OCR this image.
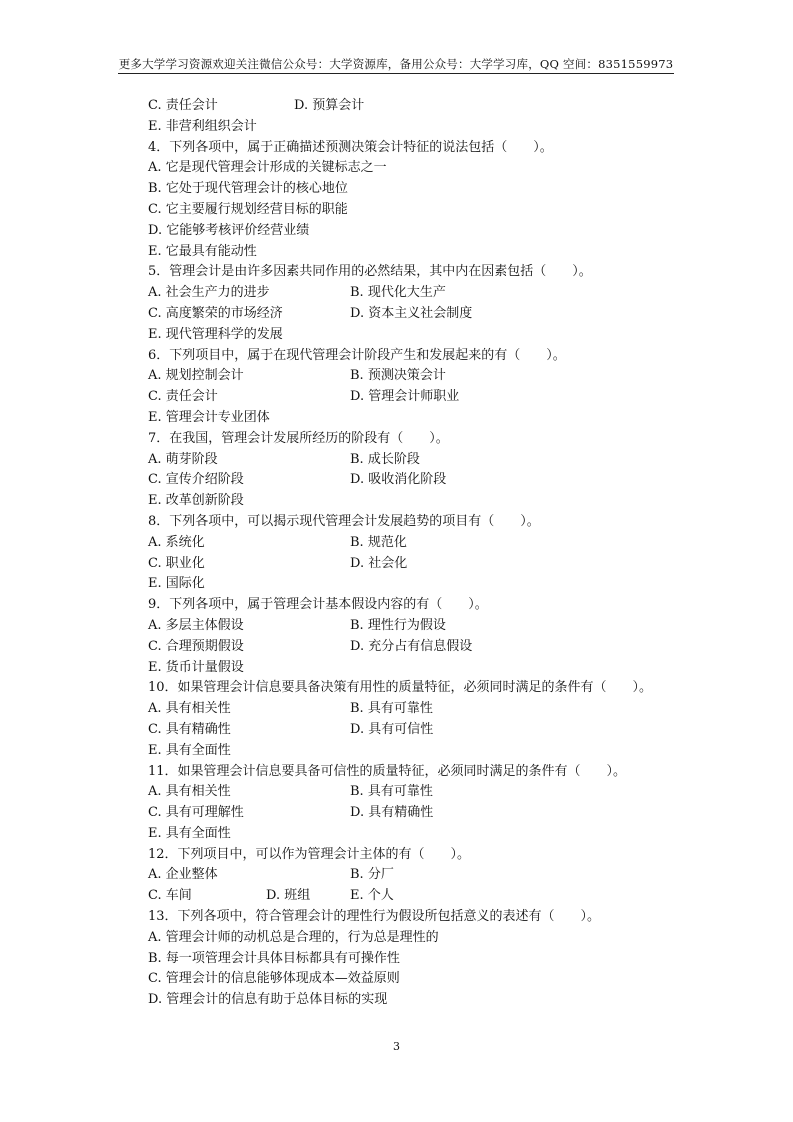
更多大学学习资源欢迎关注微信公众号：大学资源库，备用公众号：大学学习库，QQ 空间：8351559973
C. 责任会计	D. 预算会计
E. 非营利组织会计
4．下列各项中，属于正确描述预测决策会计特征的说法包括（　　）。
A. 它是现代管理会计形成的关键标志之一
B. 它处于现代管理会计的核心地位
C. 它主要履行规划经营目标的职能
D. 它能够考核评价经营业绩
E. 它最具有能动性
5．管理会计是由许多因素共同作用的必然结果，其中内在因素包括（　　）。
A. 社会生产力的进步	B. 现代化大生产
C. 高度繁荣的市场经济	D. 资本主义社会制度
E. 现代管理科学的发展
6．下列项目中，属于在现代管理会计阶段产生和发展起来的有（　　）。
A. 规划控制会计	B. 预测决策会计
C. 责任会计	D. 管理会计师职业
E. 管理会计专业团体
7．在我国，管理会计发展所经历的阶段有（　　）。
A. 萌芽阶段	B. 成长阶段
C. 宣传介绍阶段	D. 吸收消化阶段
E. 改革创新阶段
8．下列各项中，可以揭示现代管理会计发展趋势的项目有（　　）。
A. 系统化	B. 规范化
C. 职业化	D. 社会化
E. 国际化
9．下列各项中，属于管理会计基本假设内容的有（　　）。
A. 多层主体假设	B. 理性行为假设
C. 合理预期假设	D. 充分占有信息假设
E. 货币计量假设
10．如果管理会计信息要具备决策有用性的质量特征，必须同时满足的条件有（　　）。
A. 具有相关性	B. 具有可靠性
C. 具有精确性	D. 具有可信性
E. 具有全面性
11．如果管理会计信息要具备可信性的质量特征，必须同时满足的条件有（　　）。
A. 具有相关性	B. 具有可靠性
C. 具有可理解性	D. 具有精确性
E. 具有全面性
12．下列项目中，可以作为管理会计主体的有（　　）。
A. 企业整体	B. 分厂
C. 车间	D. 班组	E. 个人
13．下列各项中，符合管理会计的理性行为假设所包括意义的表述有（　　）。
A. 管理会计师的动机总是合理的，行为总是理性的
B. 每一项管理会计具体目标都具有可操作性
C. 管理会计的信息能够体现成本—效益原则
D. 管理会计的信息有助于总体目标的实现
3
